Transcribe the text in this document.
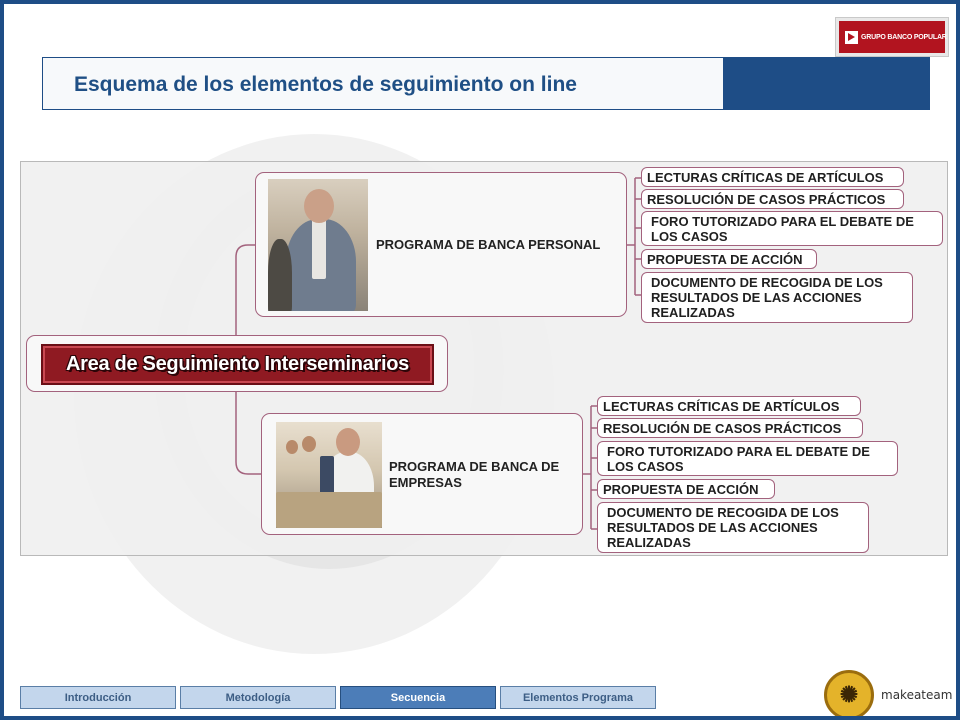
GRUPO BANCO POPULAR
Esquema de los elementos de seguimiento on line
Area de Seguimiento Interseminarios
PROGRAMA DE BANCA PERSONAL
PROGRAMA DE BANCA DE EMPRESAS
LECTURAS CRÍTICAS DE ARTÍCULOS
RESOLUCIÓN DE CASOS PRÁCTICOS
FORO TUTORIZADO PARA EL DEBATE DE LOS CASOS
PROPUESTA DE ACCIÓN
DOCUMENTO DE RECOGIDA DE LOS RESULTADOS DE LAS ACCIONES REALIZADAS
LECTURAS CRÍTICAS DE ARTÍCULOS
RESOLUCIÓN DE CASOS PRÁCTICOS
FORO TUTORIZADO PARA EL DEBATE DE LOS CASOS
PROPUESTA DE ACCIÓN
DOCUMENTO DE RECOGIDA DE LOS RESULTADOS DE LAS ACCIONES REALIZADAS
Introducción	Metodología	Secuencia	Elementos Programa	✺ makeateam
